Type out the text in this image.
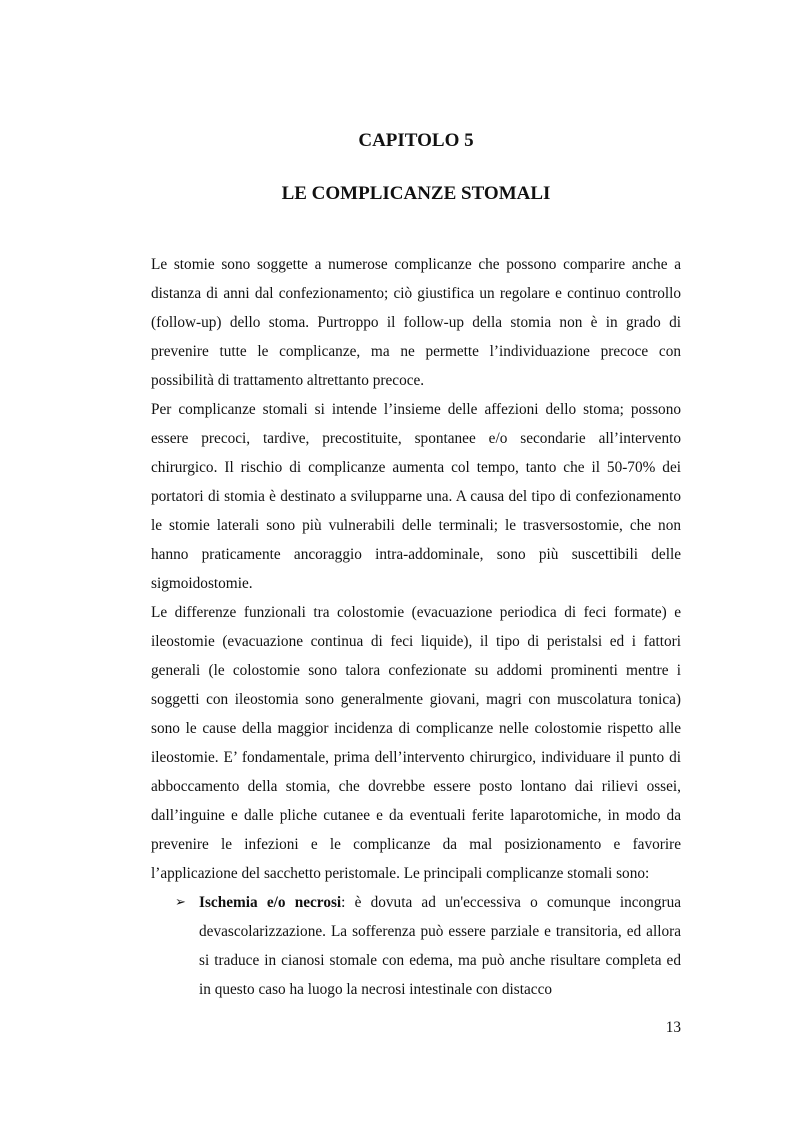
CAPITOLO 5
LE COMPLICANZE STOMALI

Le stomie sono soggette a numerose complicanze che possono comparire anche a distanza di anni dal confezionamento; ciò giustifica un regolare e continuo controllo (follow-up) dello stoma. Purtroppo il follow-up della stomia non è in grado di prevenire tutte le complicanze, ma ne permette l’individuazione precoce con possibilità di trattamento altrettanto precoce.

Per complicanze stomali si intende l’insieme delle affezioni dello stoma; possono essere precoci, tardive, precostituite, spontanee e/o secondarie all’intervento chirurgico. Il rischio di complicanze aumenta col tempo, tanto che il 50-70% dei portatori di stomia è destinato a svilupparne una. A causa del tipo di confezionamento le stomie laterali sono più vulnerabili delle terminali; le trasversostomie, che non hanno praticamente ancoraggio intra-addominale, sono più suscettibili delle sigmoidostomie.

Le differenze funzionali tra colostomie (evacuazione periodica di feci formate) e ileostomie (evacuazione continua di feci liquide), il tipo di peristalsi ed i fattori generali (le colostomie sono talora confezionate su addomi prominenti mentre i soggetti con ileostomia sono generalmente giovani, magri con muscolatura tonica) sono le cause della maggior incidenza di complicanze nelle colostomie rispetto alle ileostomie. E’ fondamentale, prima dell’intervento chirurgico, individuare il punto di abboccamento della stomia, che dovrebbe essere posto lontano dai rilievi ossei, dall’inguine e dalle pliche cutanee e da eventuali ferite laparotomiche, in modo da prevenire le infezioni e le complicanze da mal posizionamento e favorire l’applicazione del sacchetto peristomale. Le principali complicanze stomali sono:

➢ Ischemia e/o necrosi: è dovuta ad un'eccessiva o comunque incongrua devascolarizzazione. La sofferenza può essere parziale e transitoria, ed allora si traduce in cianosi stomale con edema, ma può anche risultare completa ed in questo caso ha luogo la necrosi intestinale con distacco
13
